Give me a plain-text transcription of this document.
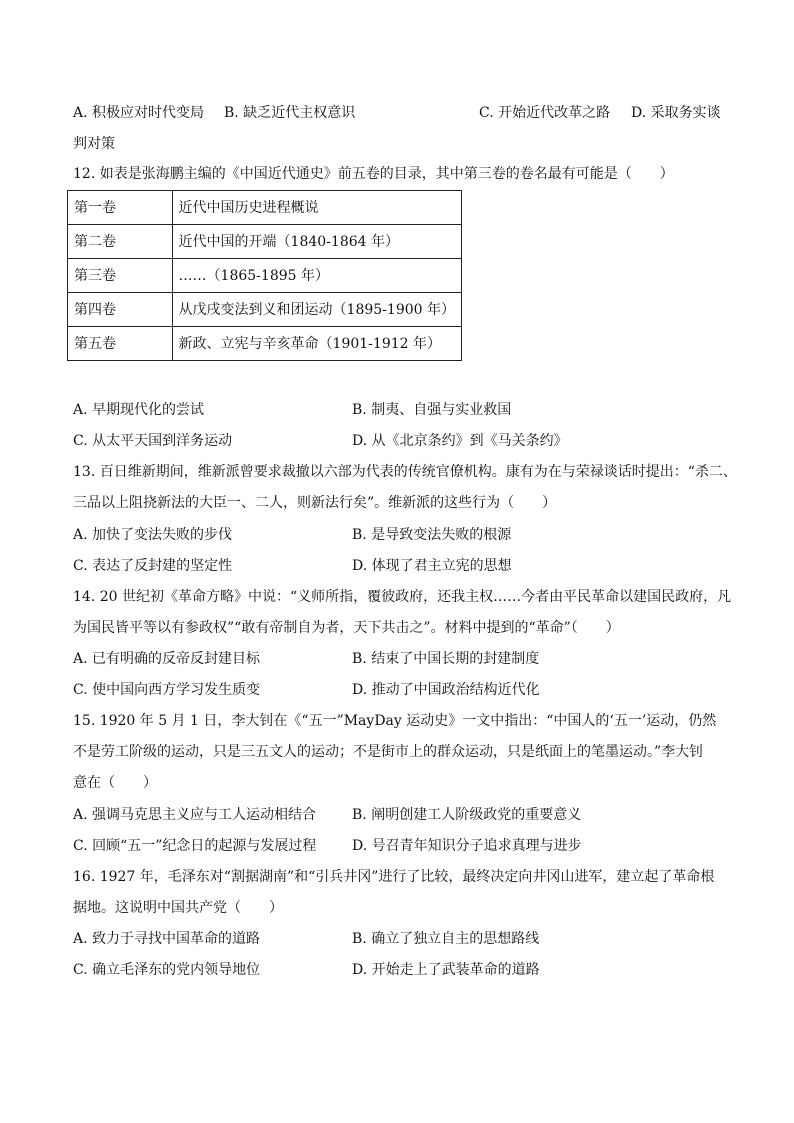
A. 积极应对时代变局 B. 缺乏近代主权意识	C. 开始近代改革之路 D. 采取务实谈
判对策
12. 如表是张海鹏主编的《中国近代通史》前五卷的目录，其中第三卷的卷名最有可能是（　　）
第一卷	近代中国历史进程概说
第二卷	近代中国的开端（1840-1864 年）
第三卷	……（1865-1895 年）
第四卷	从戊戌变法到义和团运动（1895-1900 年）
第五卷	新政、立宪与辛亥革命（1901-1912 年）
A. 早期现代化的尝试	B. 制夷、自强与实业救国
C. 从太平天国到洋务运动	D. 从《北京条约》到《马关条约》
13. 百日维新期间，维新派曾要求裁撤以六部为代表的传统官僚机构。康有为在与荣禄谈话时提出：“杀二、
三品以上阻挠新法的大臣一、二人，则新法行矣”。维新派的这些行为（　　）
A. 加快了变法失败的步伐	B. 是导致变法失败的根源
C. 表达了反封建的坚定性	D. 体现了君主立宪的思想
14. 20 世纪初《革命方略》中说：“义师所指，覆彼政府，还我主权……今者由平民革命以建国民政府，凡
为国民皆平等以有参政权”“敢有帝制自为者，天下共击之”。材料中提到的“革命”（　　）
A. 已有明确的反帝反封建目标	B. 结束了中国长期的封建制度
C. 使中国向西方学习发生质变	D. 推动了中国政治结构近代化
15. 1920 年 5 月 1 日，李大钊在《“五一”MayDay 运动史》一文中指出：“中国人的‘五一’运动，仍然
不是劳工阶级的运动，只是三五文人的运动；不是街市上的群众运动，只是纸面上的笔墨运动。”李大钊
意在（　　）
A. 强调马克思主义应与工人运动相结合	B. 阐明创建工人阶级政党的重要意义
C. 回顾“五一”纪念日的起源与发展过程	D. 号召青年知识分子追求真理与进步
16. 1927 年，毛泽东对“割据湖南”和“引兵井冈”进行了比较，最终决定向井冈山进军，建立起了革命根
据地。这说明中国共产党（　　）
A. 致力于寻找中国革命的道路	B. 确立了独立自主的思想路线
C. 确立毛泽东的党内领导地位	D. 开始走上了武装革命的道路
